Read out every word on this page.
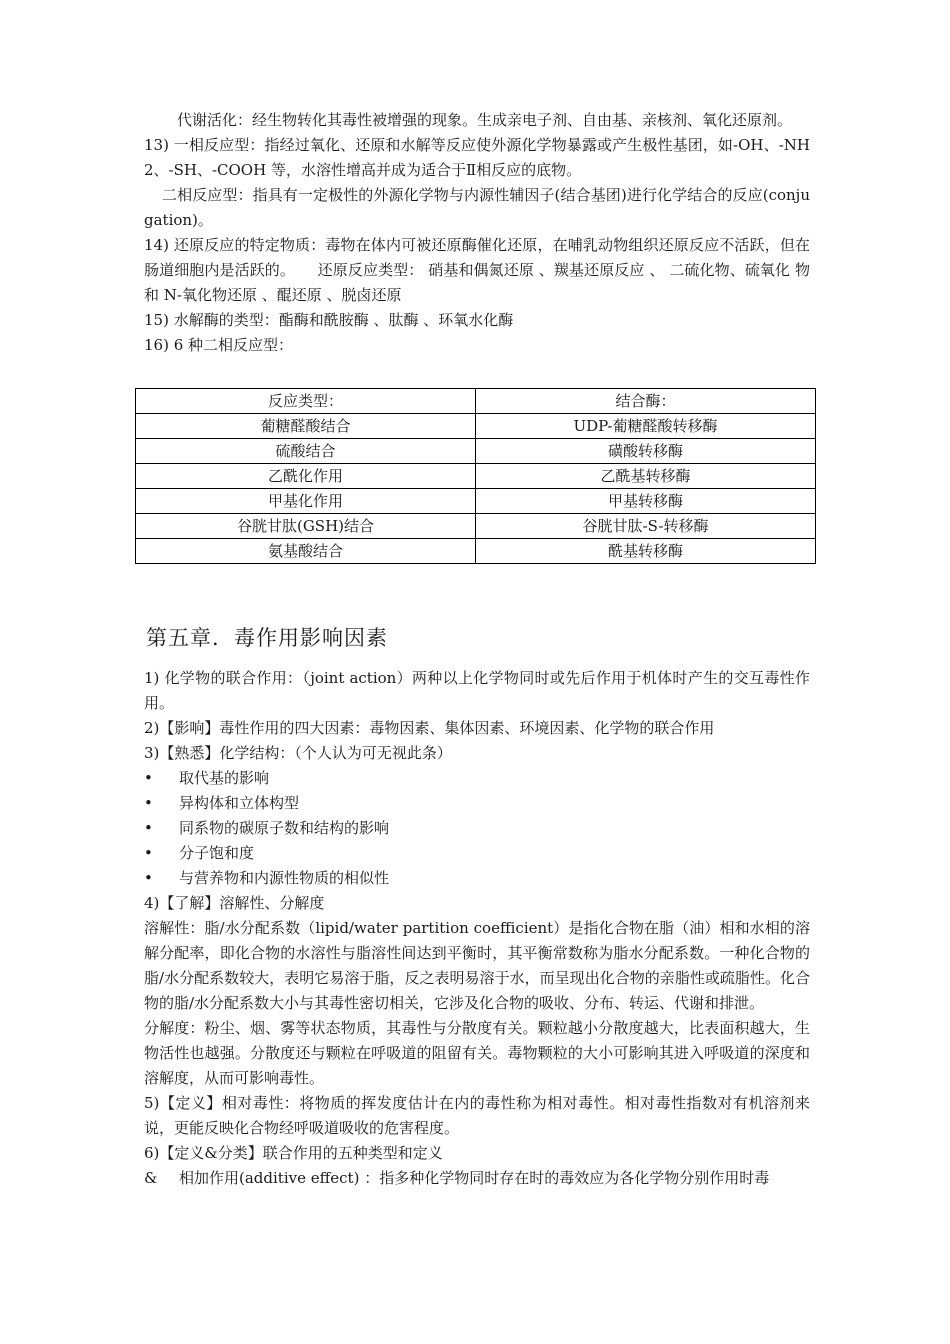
代谢活化：经生物转化其毒性被增强的现象。生成亲电子剂、自由基、亲核剂、氧化还原剂。

13) 一相反应型：指经过氧化、还原和水解等反应使外源化学物暴露或产生极性基团，如-OH、-NH2、-SH、-COOH 等，水溶性增高并成为适合于Ⅱ相反应的底物。

二相反应型：指具有一定极性的外源化学物与内源性辅因子(结合基团)进行化学结合的反应(conjugation)。

14) 还原反应的特定物质：毒物在体内可被还原酶催化还原，在哺乳动物组织还原反应不活跃，但在肠道细胞内是活跃的。　　还原反应类型： 硝基和偶氮还原 、羰基还原反应 、 二硫化物、硫氧化 物和 N-氧化物还原 、醌还原 、脱卤还原

15) 水解酶的类型：酯酶和酰胺酶 、肽酶 、环氧水化酶

16) 6 种二相反应型：

反应类型：	结合酶：
葡糖醛酸结合	UDP-葡糖醛酸转移酶
硫酸结合	磺酸转移酶
乙酰化作用	乙酰基转移酶
甲基化作用	甲基转移酶
谷胱甘肽(GSH)结合	谷胱甘肽-S-转移酶
氨基酸结合	酰基转移酶
第五章．毒作用影响因素

1) 化学物的联合作用：（joint action）两种以上化学物同时或先后作用于机体时产生的交互毒性作用。

2)【影响】毒性作用的四大因素：毒物因素、集体因素、环境因素、化学物的联合作用

3)【熟悉】化学结构：（个人认为可无视此条）

•	取代基的影响
•	异构体和立体构型
•	同系物的碳原子数和结构的影响
•	分子饱和度
•	与营养物和内源性物质的相似性

4)【了解】溶解性、分解度

溶解性：脂/水分配系数（lipid/water partition coefficient）是指化合物在脂（油）相和水相的溶解分配率，即化合物的水溶性与脂溶性间达到平衡时，其平衡常数称为脂水分配系数。一种化合物的脂/水分配系数较大，表明它易溶于脂，反之表明易溶于水，而呈现出化合物的亲脂性或疏脂性。化合物的脂/水分配系数大小与其毒性密切相关，它涉及化合物的吸收、分布、转运、代谢和排泄。

分解度：粉尘、烟、雾等状态物质，其毒性与分散度有关。颗粒越小分散度越大，比表面积越大，生物活性也越强。分散度还与颗粒在呼吸道的阻留有关。毒物颗粒的大小可影响其进入呼吸道的深度和溶解度，从而可影响毒性。

5)【定义】相对毒性：将物质的挥发度估计在内的毒性称为相对毒性。相对毒性指数对有机溶剂来说，更能反映化合物经呼吸道吸收的危害程度。

6)【定义&分类】联合作用的五种类型和定义

&	相加作用(additive effect) ：指多种化学物同时存在时的毒效应为各化学物分别作用时毒
